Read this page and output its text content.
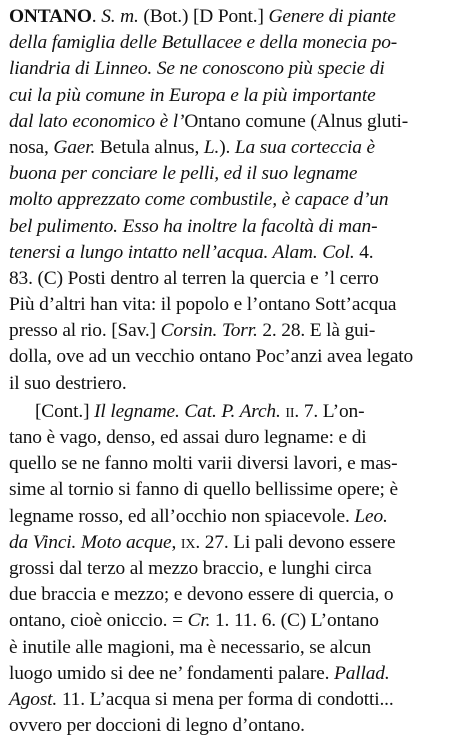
ONTANO. S. m. (Bot.) [D Pont.] Genere di piante
della famiglia delle Betullacee e della monecia po-
liandria di Linneo. Se ne conoscono più specie di
cui la più comune in Europa e la più importante
dal lato economico è l’Ontano comune (Alnus gluti-
nosa, Gaer. Betula alnus, L.). La sua corteccia è
buona per conciare le pelli, ed il suo legname
molto apprezzato come combustile, è capace d’un
bel pulimento. Esso ha inoltre la facoltà di man-
tenersi a lungo intatto nell’acqua. Alam. Col. 4.
83. (C) Posti dentro al terren la quercia e ’l cerro
Più d’altri han vita: il popolo e l’ontano Sott’acqua
presso al rio. [Sav.] Corsin. Torr. 2. 28. E là gui-
dolla, ove ad un vecchio ontano Poc’anzi avea legato
il suo destriero.
[Cont.] Il legname. Cat. P. Arch. ii. 7. L’on-
tano è vago, denso, ed assai duro legname: e di
quello se ne fanno molti varii diversi lavori, e mas-
sime al tornio si fanno di quello bellissime opere; è
legname rosso, ed all’occhio non spiacevole. Leo.
da Vinci. Moto acque, ix. 27. Li pali devono essere
grossi dal terzo al mezzo braccio, e lunghi circa
due braccia e mezzo; e devono essere di quercia, o
ontano, cioè oniccio. = Cr. 1. 11. 6. (C) L’ontano
è inutile alle magioni, ma è necessario, se alcun
luogo umido si dee ne’ fondamenti palare. Pallad.
Agost. 11. L’acqua si mena per forma di condotti...
ovvero per doccioni di legno d’ontano.
